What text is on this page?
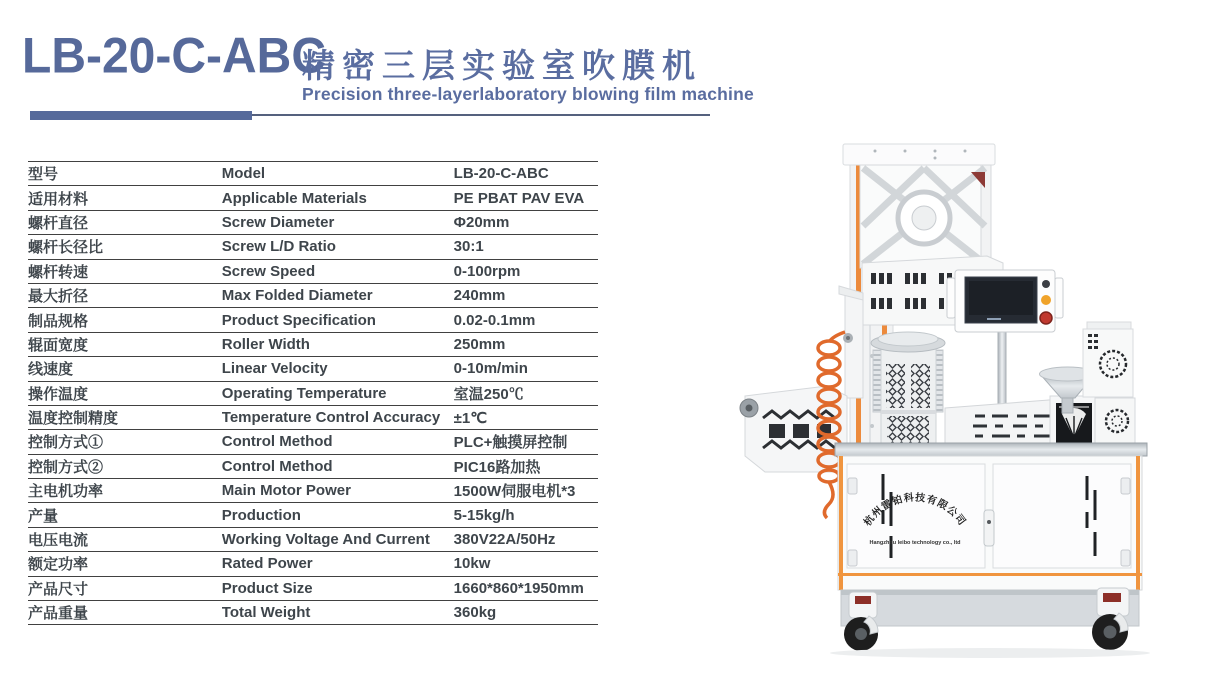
LB-20-C-ABC
精密三层实验室吹膜机
Precision three-layerlaboratory blowing film machine
型号	Model	LB-20-C-ABC
适用材料	Applicable Materials	PE PBAT PAV EVA
螺杆直径	Screw Diameter	Φ20mm
螺杆长径比	Screw L/D Ratio	30:1
螺杆转速	Screw Speed	0-100rpm
最大折径	Max Folded Diameter	240mm
制品规格	Product Specification	0.02-0.1mm
辊面宽度	Roller Width	250mm
线速度	Linear Velocity	0-10m/min
操作温度	Operating Temperature	室温250℃
温度控制精度	Temperature Control Accuracy	±1℃
控制方式①	Control Method	PLC+触摸屏控制
控制方式②	Control Method	PIC16路加热
主电机功率	Main Motor Power	1500W伺服电机*3
产量	Production	5-15kg/h
电压电流	Working Voltage And Current	380V22A/50Hz
额定功率	Rated Power	10kw
产品尺寸	Product Size	1660*860*1950mm
产品重量	Total Weight	360kg
杭州雷铂科技有限公司
Hangzhou leibo technology co., ltd
